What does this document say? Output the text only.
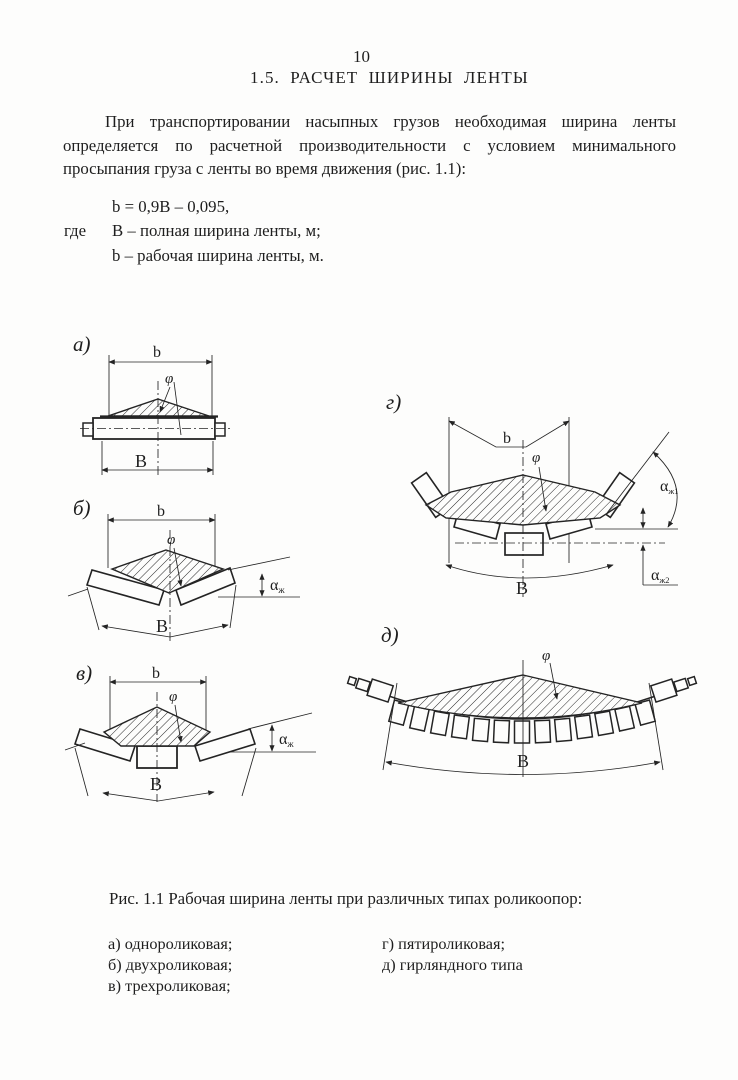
10
1.5. РАСЧЕТ ШИРИНЫ ЛЕНТЫ
При транспортировании насыпных грузов необходимая ширина ленты определяется по расчетной производительности с условием минимального просыпания груза с ленты во время движения (рис. 1.1):
b = 0,9В – 0,095,
где В – полная ширина ленты, м;
b – рабочая ширина ленты, м.
а)	b
φ
В
б)	b
φ
αж
В
в)	b
φ
αж
В
г)
b
φ
αж1
αж2
В
д)
φ
В
Рис. 1.1 Рабочая ширина ленты при различных типах роликоопор:
а) однороликовая;
б) двухроликовая;
в) трехроликовая;
г) пятироликовая;
д) гирляндного типа
